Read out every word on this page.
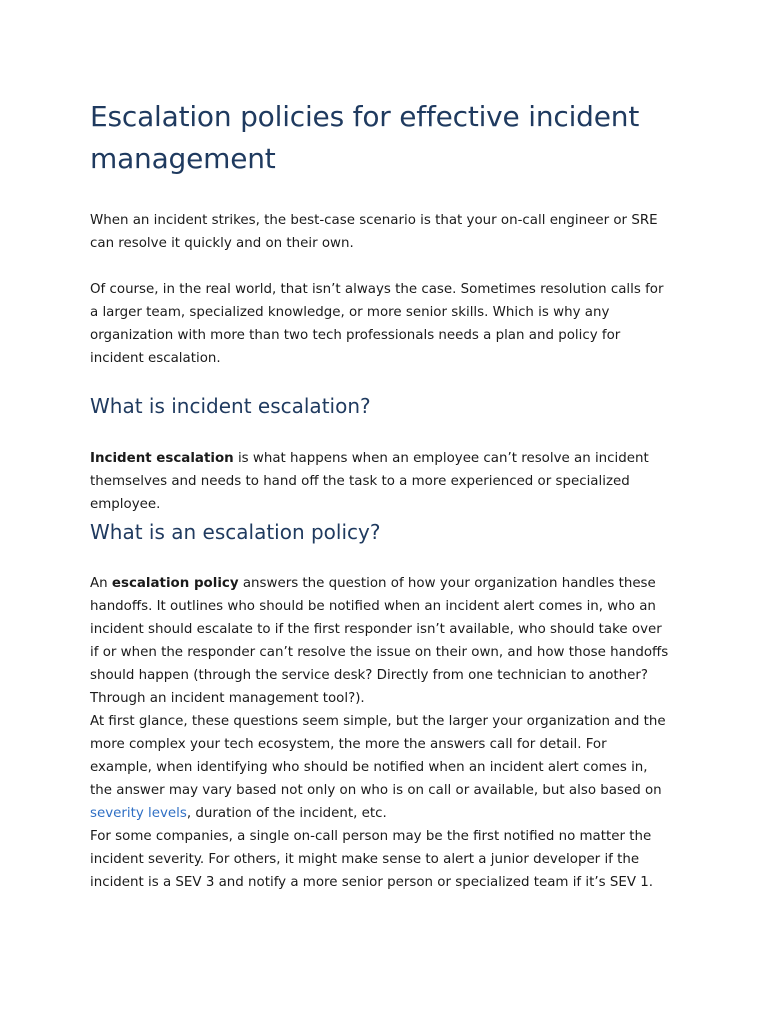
Escalation policies for effective incident management

When an incident strikes, the best-case scenario is that your on-call engineer or SRE can resolve it quickly and on their own.

Of course, in the real world, that isn’t always the case. Sometimes resolution calls for a larger team, specialized knowledge, or more senior skills. Which is why any organization with more than two tech professionals needs a plan and policy for incident escalation.

What is incident escalation?

Incident escalation is what happens when an employee can’t resolve an incident themselves and needs to hand off the task to a more experienced or specialized employee.

What is an escalation policy?

An escalation policy answers the question of how your organization handles these handoffs. It outlines who should be notified when an incident alert comes in, who an incident should escalate to if the first responder isn’t available, who should take over if or when the responder can’t resolve the issue on their own, and how those handoffs should happen (through the service desk? Directly from one technician to another? Through an incident management tool?).

At first glance, these questions seem simple, but the larger your organization and the more complex your tech ecosystem, the more the answers call for detail. For example, when identifying who should be notified when an incident alert comes in, the answer may vary based not only on who is on call or available, but also based on severity levels, duration of the incident, etc.

For some companies, a single on-call person may be the first notified no matter the incident severity. For others, it might make sense to alert a junior developer if the incident is a SEV 3 and notify a more senior person or specialized team if it’s SEV 1.
